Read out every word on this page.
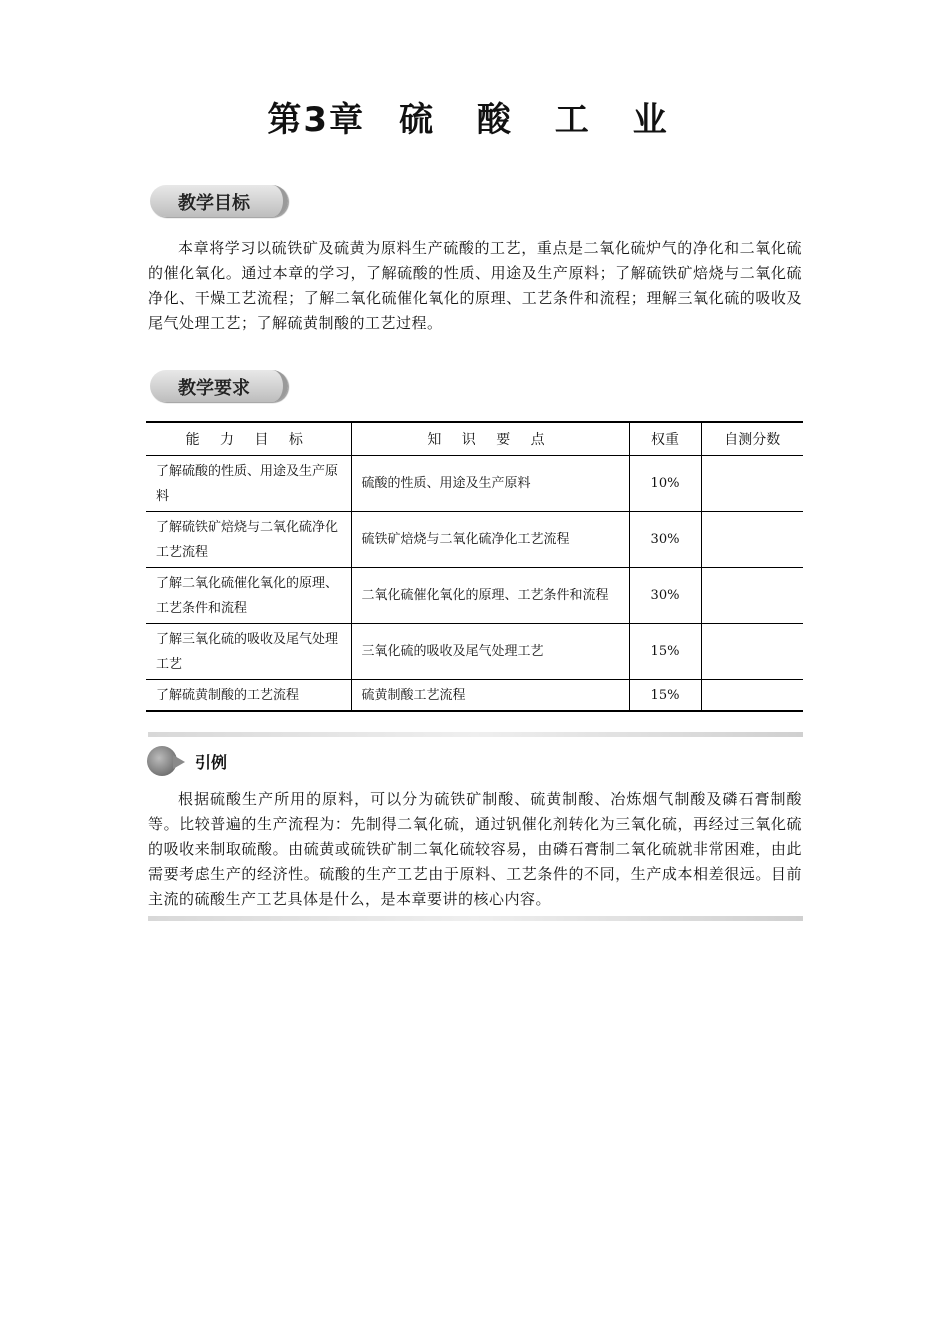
第3章 硫 酸 工 业
教学目标

本章将学习以硫铁矿及硫黄为原料生产硫酸的工艺，重点是二氧化硫炉气的净化和二氧化硫的催化氧化。通过本章的学习，了解硫酸的性质、用途及生产原料；了解硫铁矿焙烧与二氧化硫净化、干燥工艺流程；了解二氧化硫催化氧化的原理、工艺条件和流程；理解三氧化硫的吸收及尾气处理工艺；了解硫黄制酸的工艺过程。

教学要求
能 力 目 标	知 识 要 点	权重	自测分数
了解硫酸的性质、用途及生产原料	硫酸的性质、用途及生产原料	10%	
了解硫铁矿焙烧与二氧化硫净化工艺流程	硫铁矿焙烧与二氧化硫净化工艺流程	30%	
了解二氧化硫催化氧化的原理、工艺条件和流程	二氧化硫催化氧化的原理、工艺条件和流程	30%	
了解三氧化硫的吸收及尾气处理工艺	三氧化硫的吸收及尾气处理工艺	15%	
了解硫黄制酸的工艺流程	硫黄制酸工艺流程	15%	
引例

根据硫酸生产所用的原料，可以分为硫铁矿制酸、硫黄制酸、冶炼烟气制酸及磷石膏制酸等。比较普遍的生产流程为：先制得二氧化硫，通过钒催化剂转化为三氧化硫，再经过三氧化硫的吸收来制取硫酸。由硫黄或硫铁矿制二氧化硫较容易，由磷石膏制二氧化硫就非常困难，由此需要考虑生产的经济性。硫酸的生产工艺由于原料、工艺条件的不同，生产成本相差很远。目前主流的硫酸生产工艺具体是什么，是本章要讲的核心内容。
